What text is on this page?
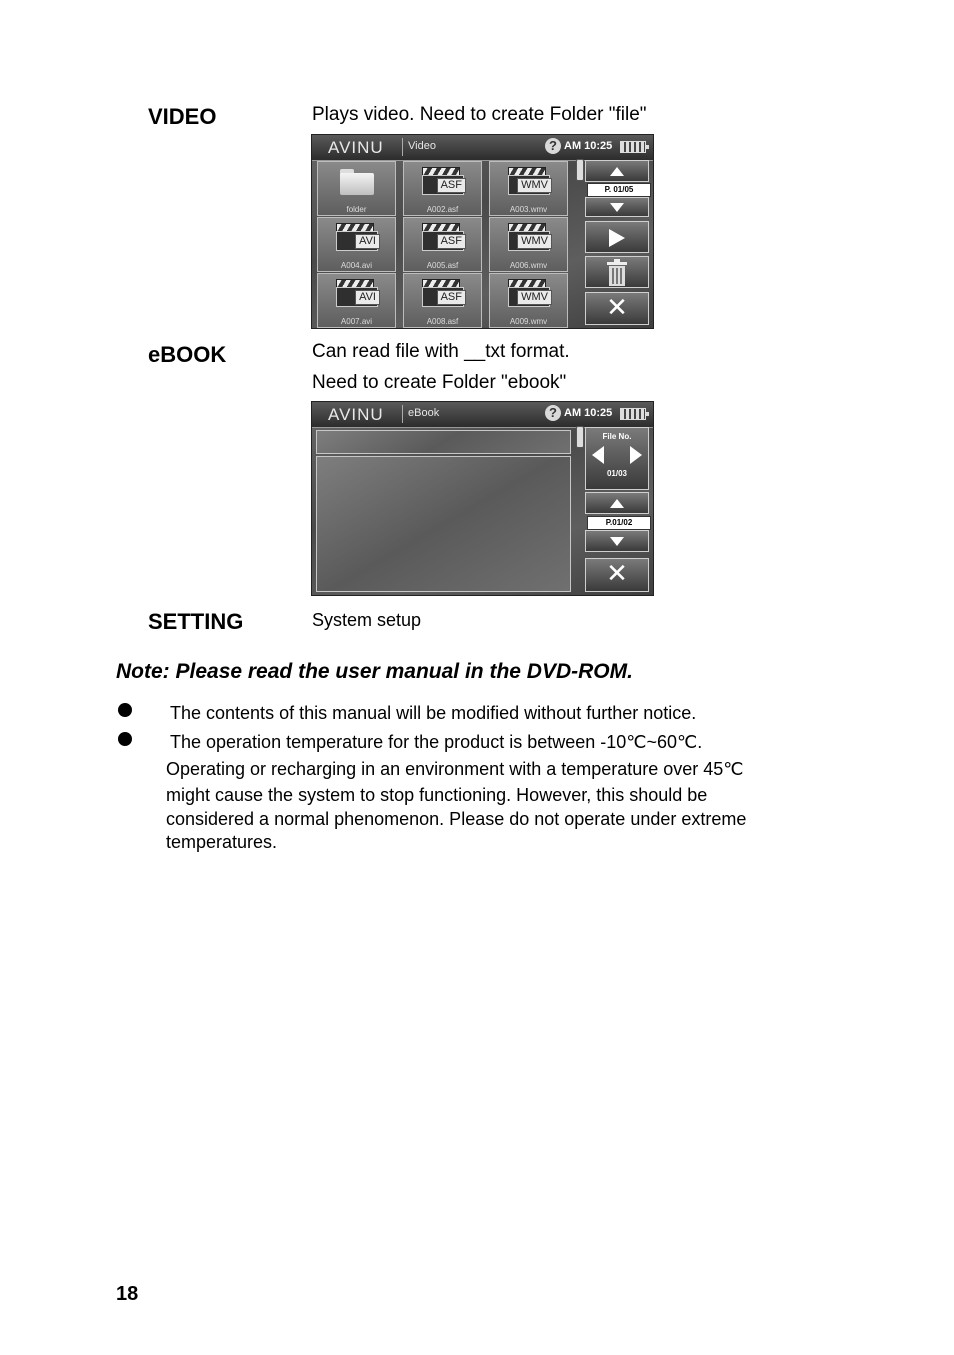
VIDEO	Plays video. Need to create Folder "file"
AVINU Video	? AM 10:25
folder
ASF
A002.asf
WMV
A003.wmv
AVI
A004.avi
ASF
A005.asf
WMV
A006.wmv
AVI
A007.avi
ASF
A008.asf
WMV
A009.wmv
P. 01/05
✕
eBOOK	Can read file with __txt format.
Need to create Folder "ebook"
AVINU eBook	? AM 10:25
File No.
01/03
P.01/02
✕
SETTING	System setup
Note: Please read the user manual in the DVD-ROM.
The contents of this manual will be modified without further notice.
The operation temperature for the product is between -10℃~60℃.
Operating or recharging in an environment with a temperature over 45℃
might cause the system to stop functioning. However, this should be
considered a normal phenomenon. Please do not operate under extreme
temperatures.
18
